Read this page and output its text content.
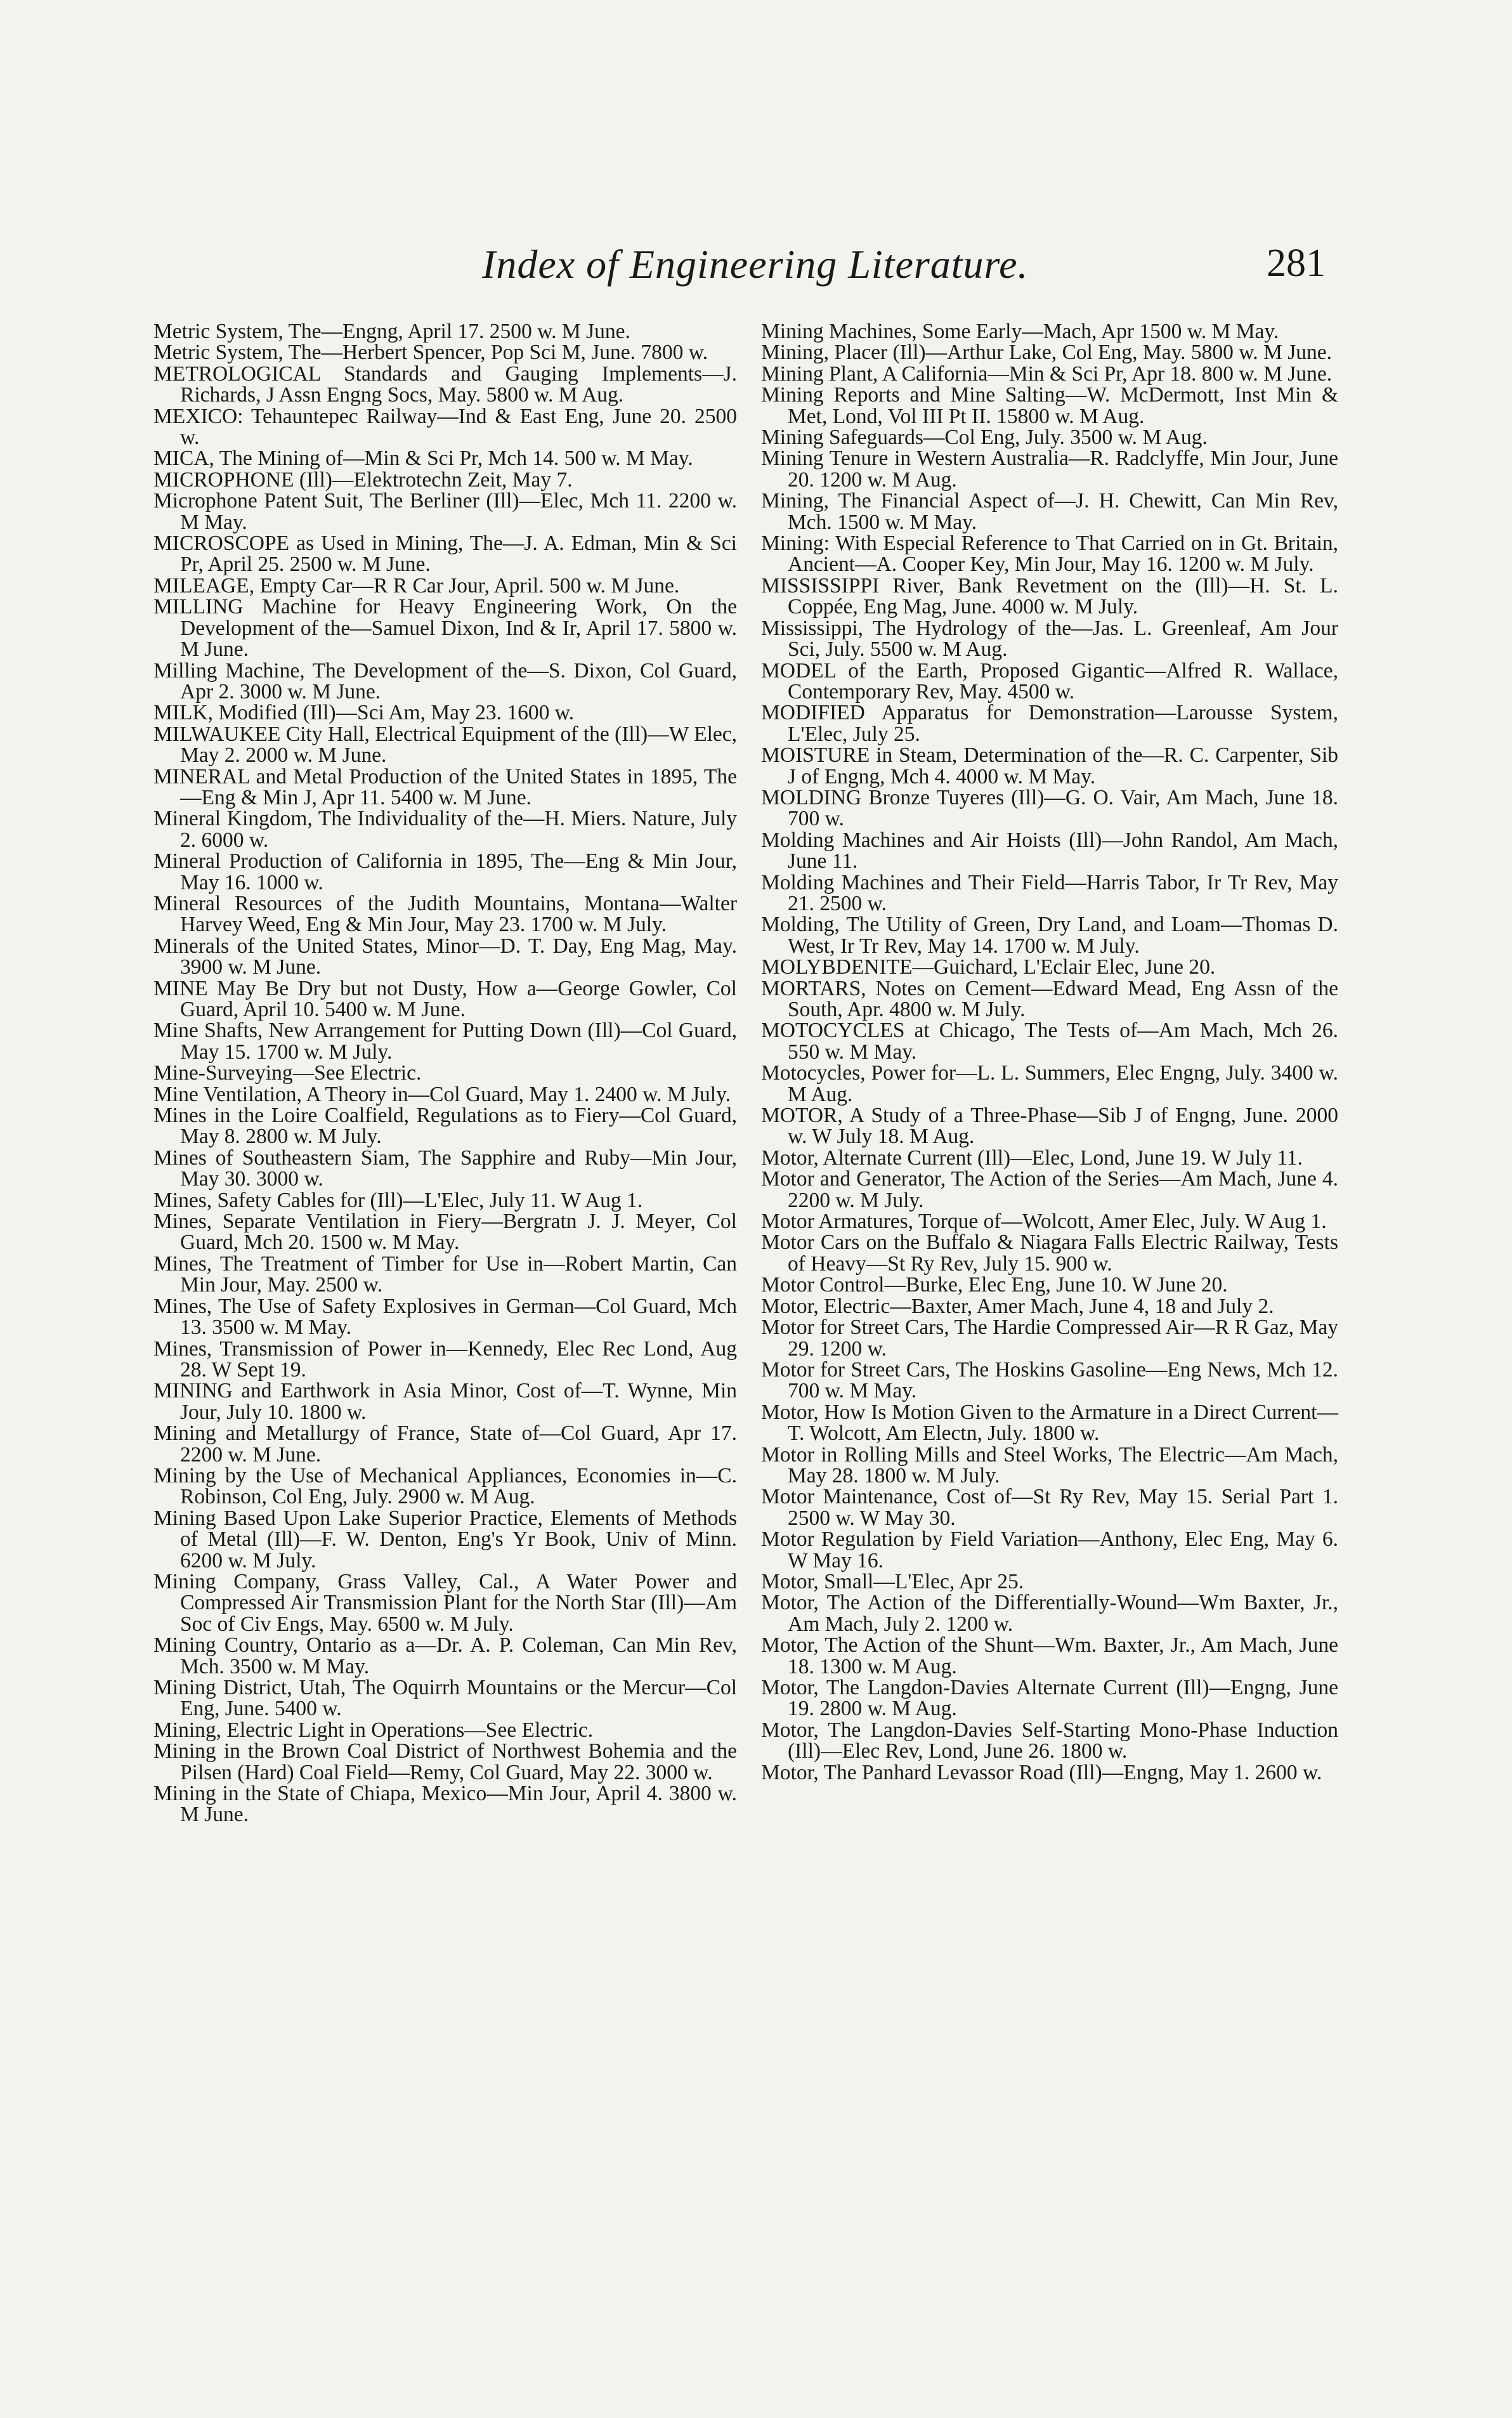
Index of Engineering Literature.	281

Metric System, The—Engng, April 17. 2500 w. M June.

Metric System, The—Herbert Spencer, Pop Sci M, June. 7800 w.

METROLOGICAL Standards and Gauging Implements—J. Richards, J Assn Engng Socs, May. 5800 w. M Aug.

MEXICO: Tehauntepec Railway—Ind & East Eng, June 20. 2500 w.

MICA, The Mining of—Min & Sci Pr, Mch 14. 500 w. M May.

MICROPHONE (Ill)—Elektrotechn Zeit, May 7.

Microphone Patent Suit, The Berliner (Ill)—Elec, Mch 11. 2200 w. M May.

MICROSCOPE as Used in Mining, The—J. A. Edman, Min & Sci Pr, April 25. 2500 w. M June.

MILEAGE, Empty Car—R R Car Jour, April. 500 w. M June.

MILLING Machine for Heavy Engineering Work, On the Development of the—Samuel Dixon, Ind & Ir, April 17. 5800 w. M June.

Milling Machine, The Development of the—S. Dixon, Col Guard, Apr 2. 3000 w. M June.

MILK, Modified (Ill)—Sci Am, May 23. 1600 w.

MILWAUKEE City Hall, Electrical Equipment of the (Ill)—W Elec, May 2. 2000 w. M June.

MINERAL and Metal Production of the United States in 1895, The—Eng & Min J, Apr 11. 5400 w. M June.

Mineral Kingdom, The Individuality of the—H. Miers. Nature, July 2. 6000 w.

Mineral Production of California in 1895, The—Eng & Min Jour, May 16. 1000 w.

Mineral Resources of the Judith Mountains, Montana—Walter Harvey Weed, Eng & Min Jour, May 23. 1700 w. M July.

Minerals of the United States, Minor—D. T. Day, Eng Mag, May. 3900 w. M June.

MINE May Be Dry but not Dusty, How a—George Gowler, Col Guard, April 10. 5400 w. M June.

Mine Shafts, New Arrangement for Putting Down (Ill)—Col Guard, May 15. 1700 w. M July.

Mine-Surveying—See Electric.

Mine Ventilation, A Theory in—Col Guard, May 1. 2400 w. M July.

Mines in the Loire Coalfield, Regulations as to Fiery—Col Guard, May 8. 2800 w. M July.

Mines of Southeastern Siam, The Sapphire and Ruby—Min Jour, May 30. 3000 w.

Mines, Safety Cables for (Ill)—L'Elec, July 11. W Aug 1.

Mines, Separate Ventilation in Fiery—Bergratn J. J. Meyer, Col Guard, Mch 20. 1500 w. M May.

Mines, The Treatment of Timber for Use in—Robert Martin, Can Min Jour, May. 2500 w.

Mines, The Use of Safety Explosives in German—Col Guard, Mch 13. 3500 w. M May.

Mines, Transmission of Power in—Kennedy, Elec Rec Lond, Aug 28. W Sept 19.

MINING and Earthwork in Asia Minor, Cost of—T. Wynne, Min Jour, July 10. 1800 w.

Mining and Metallurgy of France, State of—Col Guard, Apr 17. 2200 w. M June.

Mining by the Use of Mechanical Appliances, Economies in—C. Robinson, Col Eng, July. 2900 w. M Aug.

Mining Based Upon Lake Superior Practice, Elements of Methods of Metal (Ill)—F. W. Denton, Eng's Yr Book, Univ of Minn. 6200 w. M July.

Mining Company, Grass Valley, Cal., A Water Power and Compressed Air Transmission Plant for the North Star (Ill)—Am Soc of Civ Engs, May. 6500 w. M July.

Mining Country, Ontario as a—Dr. A. P. Coleman, Can Min Rev, Mch. 3500 w. M May.

Mining District, Utah, The Oquirrh Mountains or the Mercur—Col Eng, June. 5400 w.

Mining, Electric Light in Operations—See Electric.

Mining in the Brown Coal District of Northwest Bohemia and the Pilsen (Hard) Coal Field—Remy, Col Guard, May 22. 3000 w.

Mining in the State of Chiapa, Mexico—Min Jour, April 4. 3800 w. M June.

Mining Machines, Some Early—Mach, Apr 1500 w. M May.

Mining, Placer (Ill)—Arthur Lake, Col Eng, May. 5800 w. M June.

Mining Plant, A California—Min & Sci Pr, Apr 18. 800 w. M June.

Mining Reports and Mine Salting—W. McDermott, Inst Min & Met, Lond, Vol III Pt II. 15800 w. M Aug.

Mining Safeguards—Col Eng, July. 3500 w. M Aug.

Mining Tenure in Western Australia—R. Radclyffe, Min Jour, June 20. 1200 w. M Aug.

Mining, The Financial Aspect of—J. H. Chewitt, Can Min Rev, Mch. 1500 w. M May.

Mining: With Especial Reference to That Carried on in Gt. Britain, Ancient—A. Cooper Key, Min Jour, May 16. 1200 w. M July.

MISSISSIPPI River, Bank Revetment on the (Ill)—H. St. L. Coppée, Eng Mag, June. 4000 w. M July.

Mississippi, The Hydrology of the—Jas. L. Greenleaf, Am Jour Sci, July. 5500 w. M Aug.

MODEL of the Earth, Proposed Gigantic—Alfred R. Wallace, Contemporary Rev, May. 4500 w.

MODIFIED Apparatus for Demonstration—Larousse System, L'Elec, July 25.

MOISTURE in Steam, Determination of the—R. C. Carpenter, Sib J of Engng, Mch 4. 4000 w. M May.

MOLDING Bronze Tuyeres (Ill)—G. O. Vair, Am Mach, June 18. 700 w.

Molding Machines and Air Hoists (Ill)—John Randol, Am Mach, June 11.

Molding Machines and Their Field—Harris Tabor, Ir Tr Rev, May 21. 2500 w.

Molding, The Utility of Green, Dry Land, and Loam—Thomas D. West, Ir Tr Rev, May 14. 1700 w. M July.

MOLYBDENITE—Guichard, L'Eclair Elec, June 20.

MORTARS, Notes on Cement—Edward Mead, Eng Assn of the South, Apr. 4800 w. M July.

MOTOCYCLES at Chicago, The Tests of—Am Mach, Mch 26. 550 w. M May.

Motocycles, Power for—L. L. Summers, Elec Engng, July. 3400 w. M Aug.

MOTOR, A Study of a Three-Phase—Sib J of Engng, June. 2000 w. W July 18. M Aug.

Motor, Alternate Current (Ill)—Elec, Lond, June 19. W July 11.

Motor and Generator, The Action of the Series—Am Mach, June 4. 2200 w. M July.

Motor Armatures, Torque of—Wolcott, Amer Elec, July. W Aug 1.

Motor Cars on the Buffalo & Niagara Falls Electric Railway, Tests of Heavy—St Ry Rev, July 15. 900 w.

Motor Control—Burke, Elec Eng, June 10. W June 20.

Motor, Electric—Baxter, Amer Mach, June 4, 18 and July 2.

Motor for Street Cars, The Hardie Compressed Air—R R Gaz, May 29. 1200 w.

Motor for Street Cars, The Hoskins Gasoline—Eng News, Mch 12. 700 w. M May.

Motor, How Is Motion Given to the Armature in a Direct Current—T. Wolcott, Am Electn, July. 1800 w.

Motor in Rolling Mills and Steel Works, The Electric—Am Mach, May 28. 1800 w. M July.

Motor Maintenance, Cost of—St Ry Rev, May 15. Serial Part 1. 2500 w. W May 30.

Motor Regulation by Field Variation—Anthony, Elec Eng, May 6. W May 16.

Motor, Small—L'Elec, Apr 25.

Motor, The Action of the Differentially-Wound—Wm Baxter, Jr., Am Mach, July 2. 1200 w.

Motor, The Action of the Shunt—Wm. Baxter, Jr., Am Mach, June 18. 1300 w. M Aug.

Motor, The Langdon-Davies Alternate Current (Ill)—Engng, June 19. 2800 w. M Aug.

Motor, The Langdon-Davies Self-Starting Mono-Phase Induction (Ill)—Elec Rev, Lond, June 26. 1800 w.

Motor, The Panhard Levassor Road (Ill)—Engng, May 1. 2600 w.
